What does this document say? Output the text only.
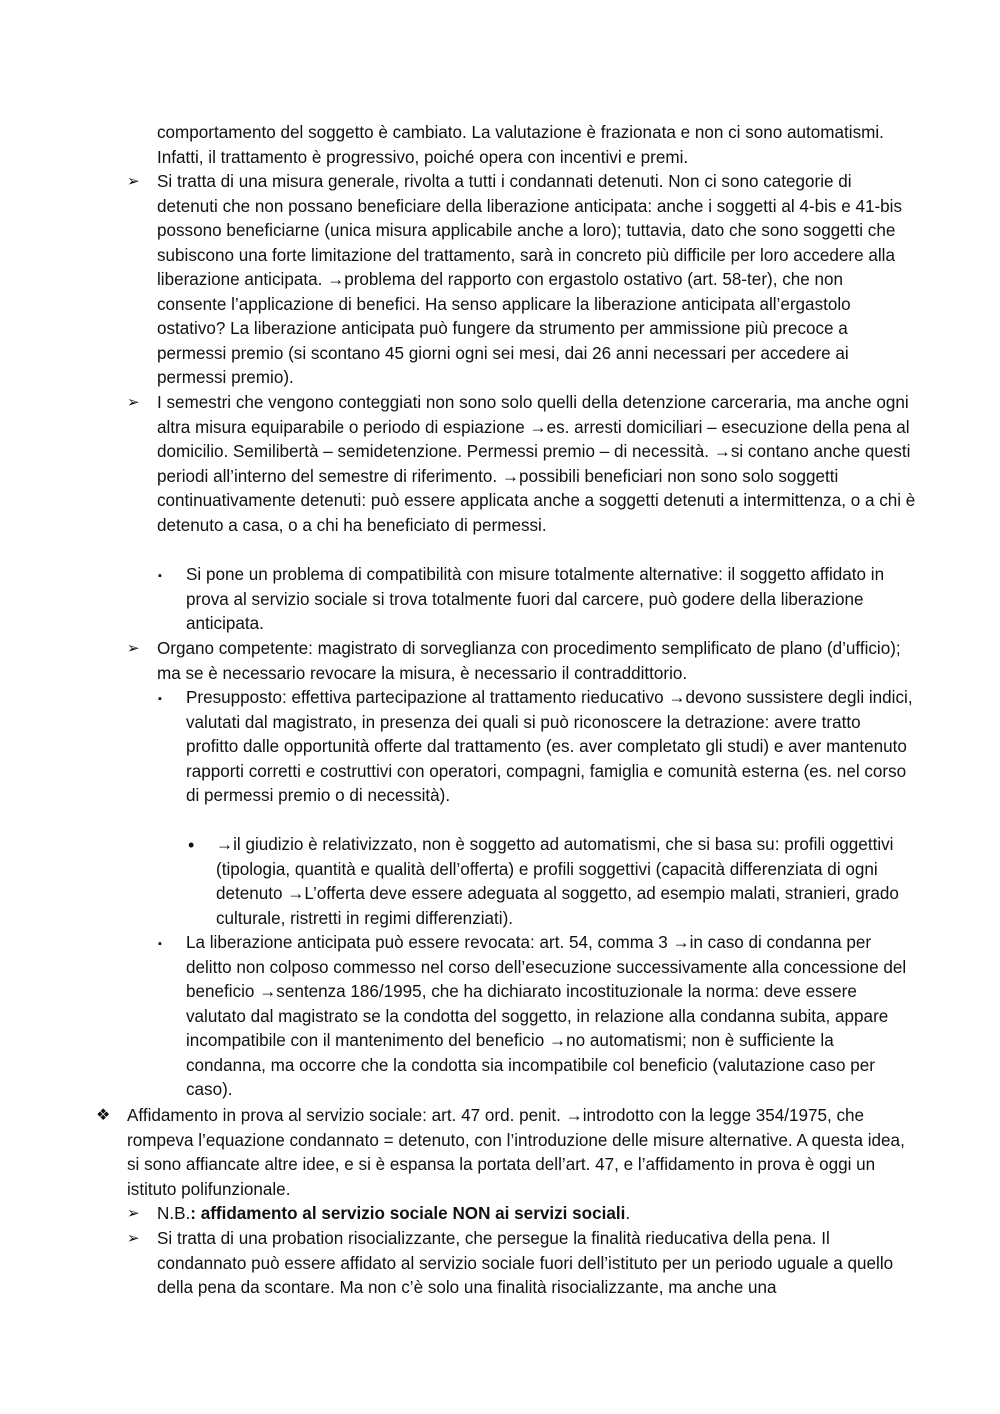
comportamento del soggetto è cambiato. La valutazione è frazionata e non ci sono automatismi. Infatti, il trattamento è progressivo, poiché opera con incentivi e premi.
➢ Si tratta di una misura generale, rivolta a tutti i condannati detenuti. Non ci sono categorie di detenuti che non possano beneficiare della liberazione anticipata: anche i soggetti al 4-bis e 41-bis possono beneficiarne (unica misura applicabile anche a loro); tuttavia, dato che sono soggetti che subiscono una forte limitazione del trattamento, sarà in concreto più difficile per loro accedere alla liberazione anticipata. →problema del rapporto con ergastolo ostativo (art. 58-ter), che non consente l’applicazione di benefici. Ha senso applicare la liberazione anticipata all’ergastolo ostativo? La liberazione anticipata può fungere da strumento per ammissione più precoce a permessi premio (si scontano 45 giorni ogni sei mesi, dai 26 anni necessari per accedere ai permessi premio).
➢ I semestri che vengono conteggiati non sono solo quelli della detenzione carceraria, ma anche ogni altra misura equiparabile o periodo di espiazione →es. arresti domiciliari – esecuzione della pena al domicilio. Semilibertà – semidetenzione. Permessi premio – di necessità. →si contano anche questi periodi all’interno del semestre di riferimento. →possibili beneficiari non sono solo soggetti continuativamente detenuti: può essere applicata anche a soggetti detenuti a intermittenza, o a chi è detenuto a casa, o a chi ha beneficiato di permessi.
▪ Si pone un problema di compatibilità con misure totalmente alternative: il soggetto affidato in prova al servizio sociale si trova totalmente fuori dal carcere, può godere della liberazione anticipata.
➢ Organo competente: magistrato di sorveglianza con procedimento semplificato de plano (d’ufficio); ma se è necessario revocare la misura, è necessario il contraddittorio.
▪ Presupposto: effettiva partecipazione al trattamento rieducativo →devono sussistere degli indici, valutati dal magistrato, in presenza dei quali si può riconoscere la detrazione: avere tratto profitto dalle opportunità offerte dal trattamento (es. aver completato gli studi) e aver mantenuto rapporti corretti e costruttivi con operatori, compagni, famiglia e comunità esterna (es. nel corso di permessi premio o di necessità).
• →il giudizio è relativizzato, non è soggetto ad automatismi, che si basa su: profili oggettivi (tipologia, quantità e qualità dell’offerta) e profili soggettivi (capacità differenziata di ogni detenuto →L’offerta deve essere adeguata al soggetto, ad esempio malati, stranieri, grado culturale, ristretti in regimi differenziati).
▪ La liberazione anticipata può essere revocata: art. 54, comma 3 →in caso di condanna per delitto non colposo commesso nel corso dell’esecuzione successivamente alla concessione del beneficio →sentenza 186/1995, che ha dichiarato incostituzionale la norma: deve essere valutato dal magistrato se la condotta del soggetto, in relazione alla condanna subita, appare incompatibile con il mantenimento del beneficio →no automatismi; non è sufficiente la condanna, ma occorre che la condotta sia incompatibile col beneficio (valutazione caso per caso).
❖ Affidamento in prova al servizio sociale: art. 47 ord. penit. →introdotto con la legge 354/1975, che rompeva l’equazione condannato = detenuto, con l’introduzione delle misure alternative. A questa idea, si sono affiancate altre idee, e si è espansa la portata dell’art. 47, e l’affidamento in prova è oggi un istituto polifunzionale.
➢ N.B.: affidamento al servizio sociale NON ai servizi sociali.
➢ Si tratta di una probation risocializzante, che persegue la finalità rieducativa della pena. Il condannato può essere affidato al servizio sociale fuori dell’istituto per un periodo uguale a quello della pena da scontare. Ma non c’è solo una finalità risocializzante, ma anche una
